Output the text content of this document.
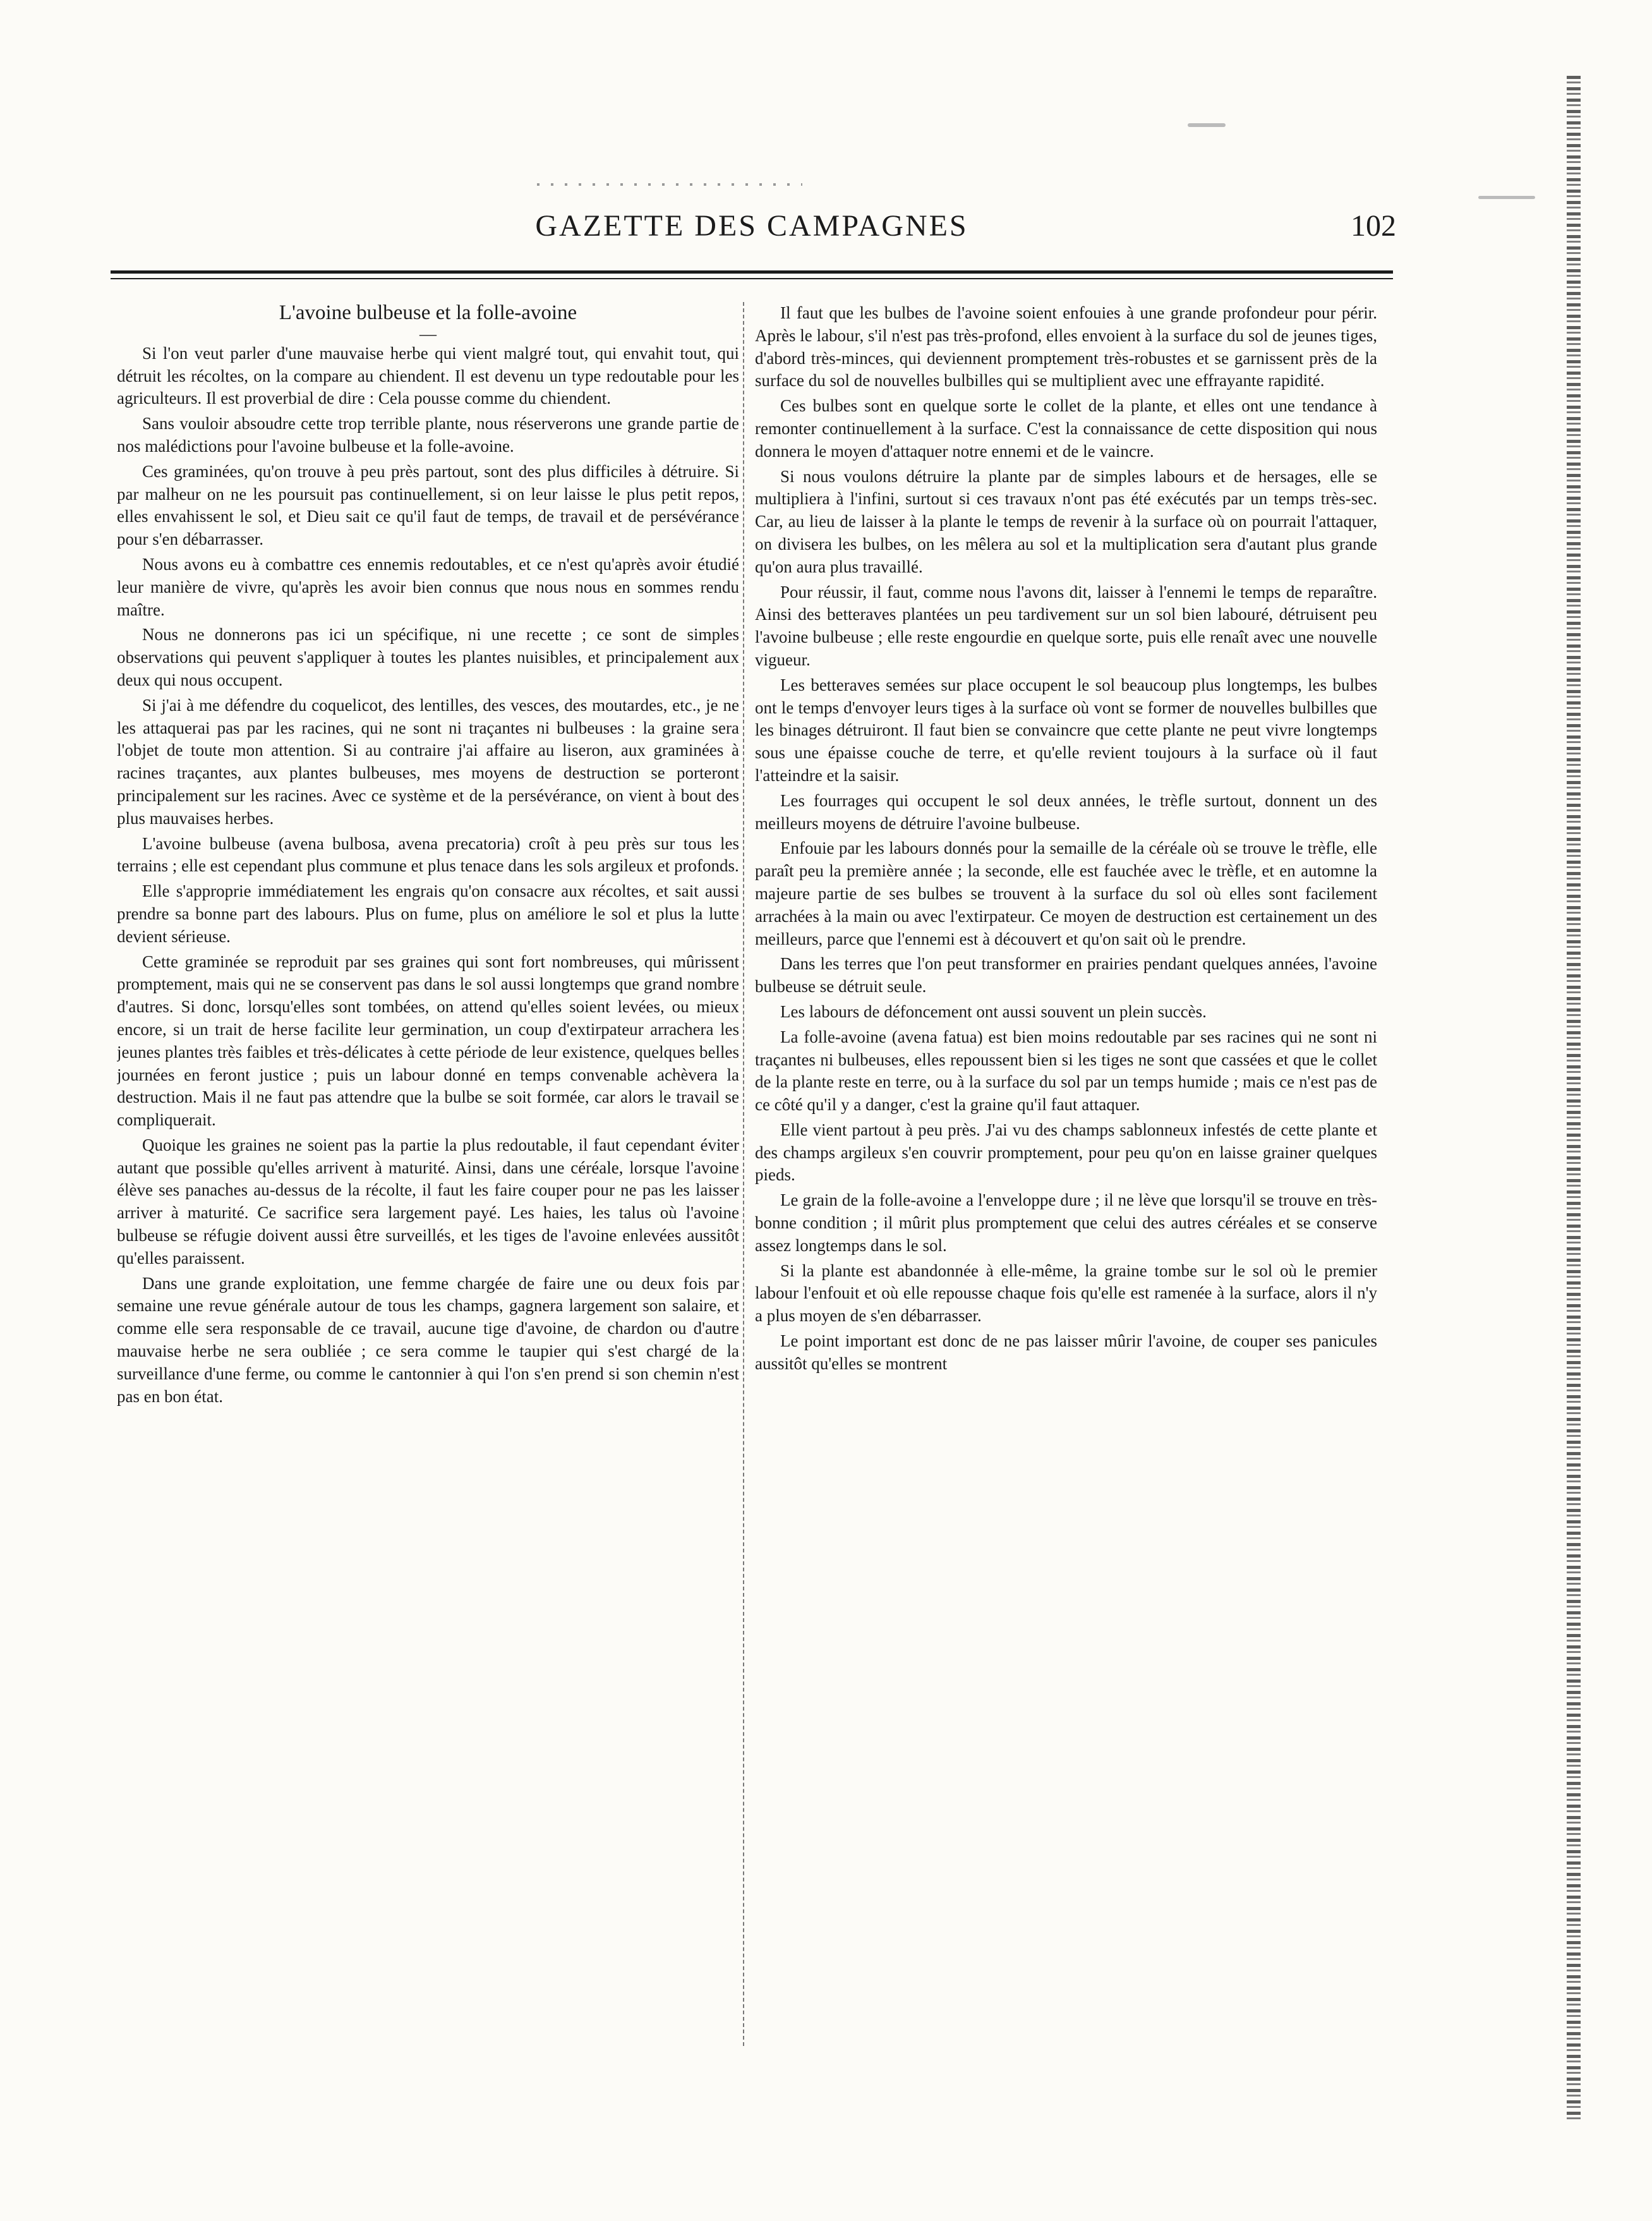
GAZETTE DES CAMPAGNES	102

L'avoine bulbeuse et la folle-avoine

—

Si l'on veut parler d'une mauvaise herbe qui vient malgré tout, qui envahit tout, qui détruit les récoltes, on la compare au chiendent. Il est devenu un type redoutable pour les agriculteurs. Il est proverbial de dire : Cela pousse comme du chiendent.

Sans vouloir absoudre cette trop terrible plante, nous réserverons une grande partie de nos malédictions pour l'avoine bulbeuse et la folle-avoine.

Ces graminées, qu'on trouve à peu près partout, sont des plus difficiles à détruire. Si par malheur on ne les poursuit pas continuellement, si on leur laisse le plus petit repos, elles envahissent le sol, et Dieu sait ce qu'il faut de temps, de travail et de persévérance pour s'en débarrasser.

Nous avons eu à combattre ces ennemis redoutables, et ce n'est qu'après avoir étudié leur manière de vivre, qu'après les avoir bien connus que nous nous en sommes rendu maître.

Nous ne donnerons pas ici un spécifique, ni une recette ; ce sont de simples observations qui peuvent s'appliquer à toutes les plantes nuisibles, et principalement aux deux qui nous occupent.

Si j'ai à me défendre du coquelicot, des lentilles, des vesces, des moutardes, etc., je ne les attaquerai pas par les racines, qui ne sont ni traçantes ni bulbeuses : la graine sera l'objet de toute mon attention. Si au contraire j'ai affaire au liseron, aux graminées à racines traçantes, aux plantes bulbeuses, mes moyens de destruction se porteront principalement sur les racines. Avec ce système et de la persévérance, on vient à bout des plus mauvaises herbes.

L'avoine bulbeuse (avena bulbosa, avena precatoria) croît à peu près sur tous les terrains ; elle est cependant plus commune et plus tenace dans les sols argileux et profonds.

Elle s'approprie immédiatement les engrais qu'on consacre aux récoltes, et sait aussi prendre sa bonne part des labours. Plus on fume, plus on améliore le sol et plus la lutte devient sérieuse.

Cette graminée se reproduit par ses graines qui sont fort nombreuses, qui mûrissent promptement, mais qui ne se conservent pas dans le sol aussi longtemps que grand nombre d'autres. Si donc, lorsqu'elles sont tombées, on attend qu'elles soient levées, ou mieux encore, si un trait de herse facilite leur germination, un coup d'extirpateur arrachera les jeunes plantes très faibles et très-délicates à cette période de leur existence, quelques belles journées en feront justice ; puis un labour donné en temps convenable achèvera la destruction. Mais il ne faut pas attendre que la bulbe se soit formée, car alors le travail se compliquerait.

Quoique les graines ne soient pas la partie la plus redoutable, il faut cependant éviter autant que possible qu'elles arrivent à maturité. Ainsi, dans une céréale, lorsque l'avoine élève ses panaches au-dessus de la récolte, il faut les faire couper pour ne pas les laisser arriver à maturité. Ce sacrifice sera largement payé. Les haies, les talus où l'avoine bulbeuse se réfugie doivent aussi être surveillés, et les tiges de l'avoine enlevées aussitôt qu'elles paraissent.

Dans une grande exploitation, une femme chargée de faire une ou deux fois par semaine une revue générale autour de tous les champs, gagnera largement son salaire, et comme elle sera responsable de ce travail, aucune tige d'avoine, de chardon ou d'autre mauvaise herbe ne sera oubliée ; ce sera comme le taupier qui s'est chargé de la surveillance d'une ferme, ou comme le cantonnier à qui l'on s'en prend si son chemin n'est pas en bon état.

Il faut que les bulbes de l'avoine soient enfouies à une grande profondeur pour périr. Après le labour, s'il n'est pas très-profond, elles envoient à la surface du sol de jeunes tiges, d'abord très-minces, qui deviennent promptement très-robustes et se garnissent près de la surface du sol de nouvelles bulbilles qui se multiplient avec une effrayante rapidité.

Ces bulbes sont en quelque sorte le collet de la plante, et elles ont une tendance à remonter continuellement à la surface. C'est la connaissance de cette disposition qui nous donnera le moyen d'attaquer notre ennemi et de le vaincre.

Si nous voulons détruire la plante par de simples labours et de hersages, elle se multipliera à l'infini, surtout si ces travaux n'ont pas été exécutés par un temps très-sec. Car, au lieu de laisser à la plante le temps de revenir à la surface où on pourrait l'attaquer, on divisera les bulbes, on les mêlera au sol et la multiplication sera d'autant plus grande qu'on aura plus travaillé.

Pour réussir, il faut, comme nous l'avons dit, laisser à l'ennemi le temps de reparaître. Ainsi des betteraves plantées un peu tardivement sur un sol bien labouré, détruisent peu l'avoine bulbeuse ; elle reste engourdie en quelque sorte, puis elle renaît avec une nouvelle vigueur.

Les betteraves semées sur place occupent le sol beaucoup plus longtemps, les bulbes ont le temps d'envoyer leurs tiges à la surface où vont se former de nouvelles bulbilles que les binages détruiront. Il faut bien se convaincre que cette plante ne peut vivre longtemps sous une épaisse couche de terre, et qu'elle revient toujours à la surface où il faut l'atteindre et la saisir.

Les fourrages qui occupent le sol deux années, le trèfle surtout, donnent un des meilleurs moyens de détruire l'avoine bulbeuse.

Enfouie par les labours donnés pour la semaille de la céréale où se trouve le trèfle, elle paraît peu la première année ; la seconde, elle est fauchée avec le trèfle, et en automne la majeure partie de ses bulbes se trouvent à la surface du sol où elles sont facilement arrachées à la main ou avec l'extirpateur. Ce moyen de destruction est certainement un des meilleurs, parce que l'ennemi est à découvert et qu'on sait où le prendre.

Dans les terres que l'on peut transformer en prairies pendant quelques années, l'avoine bulbeuse se détruit seule.

Les labours de défoncement ont aussi souvent un plein succès.

La folle-avoine (avena fatua) est bien moins redoutable par ses racines qui ne sont ni traçantes ni bulbeuses, elles repoussent bien si les tiges ne sont que cassées et que le collet de la plante reste en terre, ou à la surface du sol par un temps humide ; mais ce n'est pas de ce côté qu'il y a danger, c'est la graine qu'il faut attaquer.

Elle vient partout à peu près. J'ai vu des champs sablonneux infestés de cette plante et des champs argileux s'en couvrir promptement, pour peu qu'on en laisse grainer quelques pieds.

Le grain de la folle-avoine a l'enveloppe dure ; il ne lève que lorsqu'il se trouve en très-bonne condition ; il mûrit plus promptement que celui des autres céréales et se conserve assez longtemps dans le sol.

Si la plante est abandonnée à elle-même, la graine tombe sur le sol où le premier labour l'enfouit et où elle repousse chaque fois qu'elle est ramenée à la surface, alors il n'y a plus moyen de s'en débarrasser.

Le point important est donc de ne pas laisser mûrir l'avoine, de couper ses panicules aussitôt qu'elles se montrent
